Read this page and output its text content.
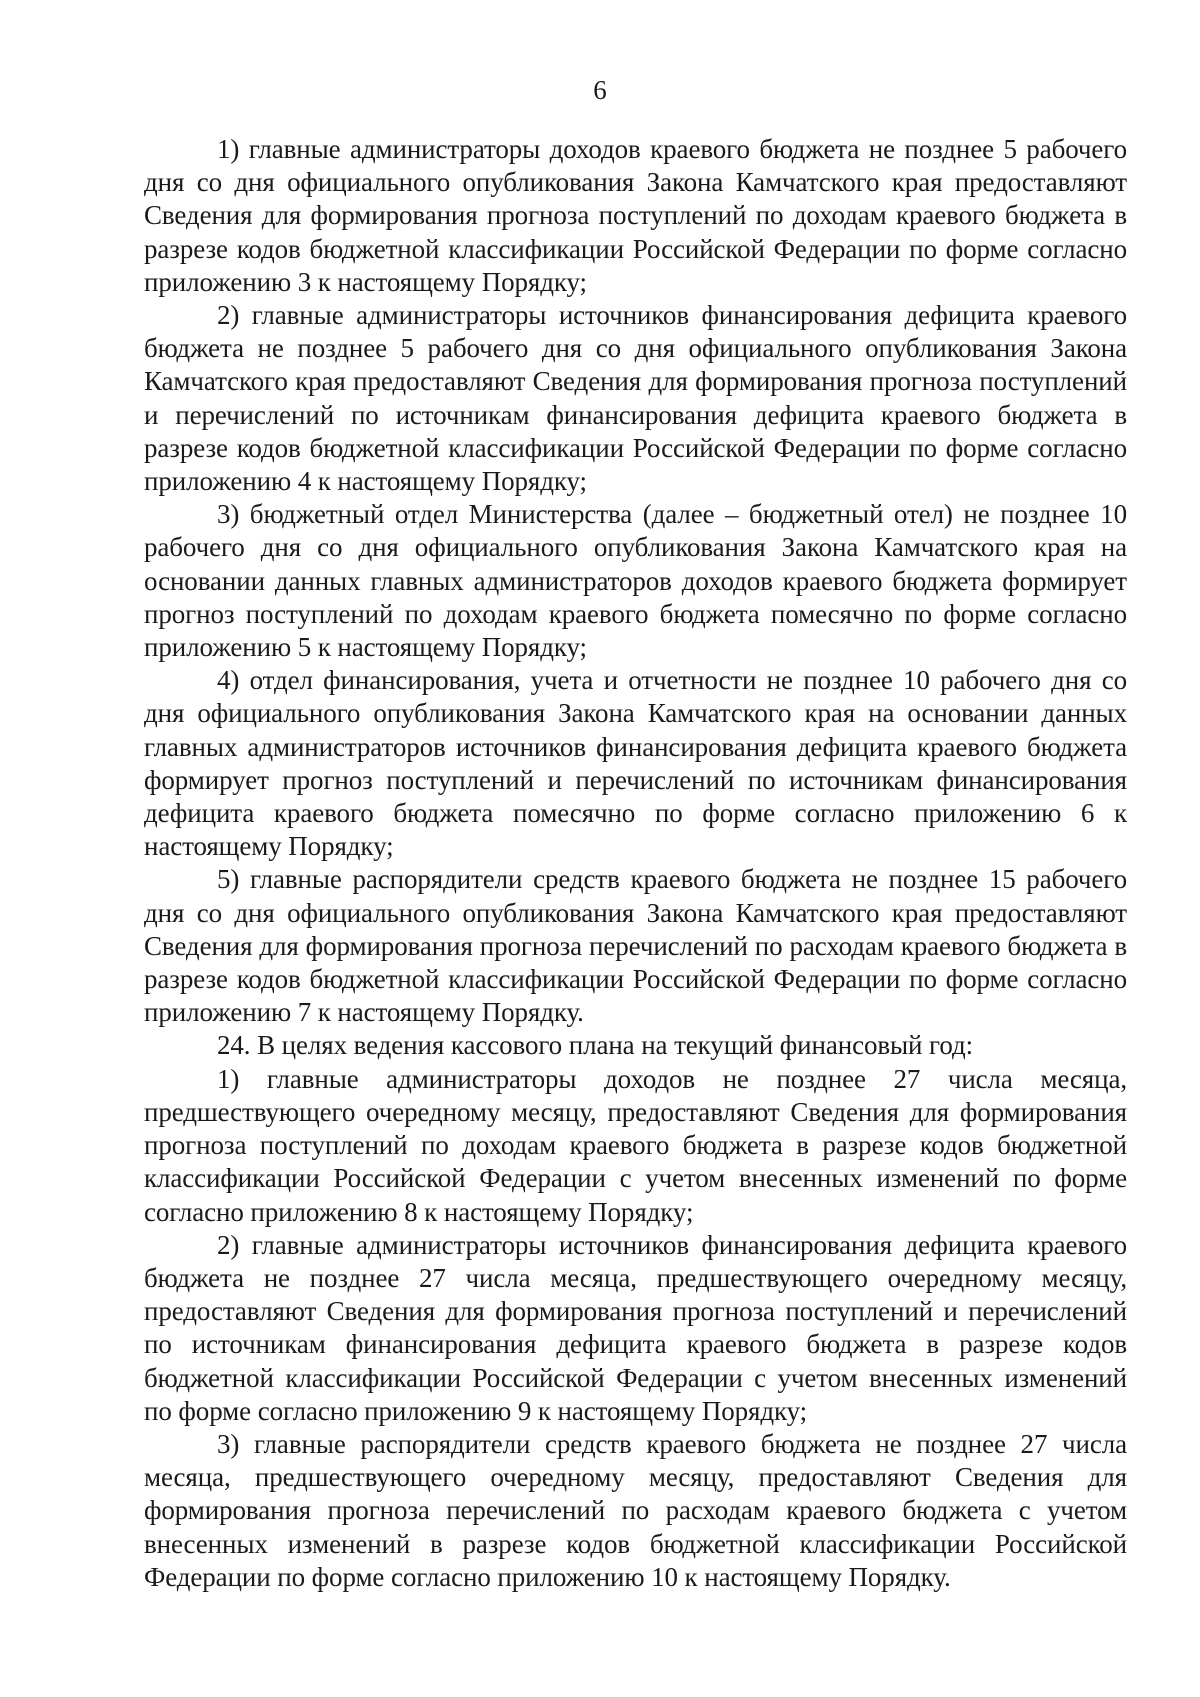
6

1) главные администраторы доходов краевого бюджета не позднее 5 рабочего дня со дня официального опубликования Закона Камчатского края предоставляют Сведения для формирования прогноза поступлений по доходам краевого бюджета в разрезе кодов бюджетной классификации Российской Федерации по форме согласно приложению 3 к настоящему Порядку;

2) главные администраторы источников финансирования дефицита краевого бюджета не позднее 5 рабочего дня со дня официального опубликования Закона Камчатского края предоставляют Сведения для формирования прогноза поступлений и перечислений по источникам финансирования дефицита краевого бюджета в разрезе кодов бюджетной классификации Российской Федерации по форме согласно приложению 4 к настоящему Порядку;

3) бюджетный отдел Министерства (далее – бюджетный отел) не позднее 10 рабочего дня со дня официального опубликования Закона Камчатского края на основании данных главных администраторов доходов краевого бюджета формирует прогноз поступлений по доходам краевого бюджета помесячно по форме согласно приложению 5 к настоящему Порядку;

4) отдел финансирования, учета и отчетности не позднее 10 рабочего дня со дня официального опубликования Закона Камчатского края на основании данных главных администраторов источников финансирования дефицита краевого бюджета формирует прогноз поступлений и перечислений по источникам финансирования дефицита краевого бюджета помесячно по форме согласно приложению 6 к настоящему Порядку;

5) главные распорядители средств краевого бюджета не позднее 15 рабочего дня со дня официального опубликования Закона Камчатского края предоставляют Сведения для формирования прогноза перечислений по расходам краевого бюджета в разрезе кодов бюджетной классификации Российской Федерации по форме согласно приложению 7 к настоящему Порядку.

24. В целях ведения кассового плана на текущий финансовый год:

1) главные администраторы доходов не позднее 27 числа месяца, предшествующего очередному месяцу, предоставляют Сведения для формирования прогноза поступлений по доходам краевого бюджета в разрезе кодов бюджетной классификации Российской Федерации с учетом внесенных изменений по форме согласно приложению 8 к настоящему Порядку;

2) главные администраторы источников финансирования дефицита краевого бюджета не позднее 27 числа месяца, предшествующего очередному месяцу, предоставляют Сведения для формирования прогноза поступлений и перечислений по источникам финансирования дефицита краевого бюджета в разрезе кодов бюджетной классификации Российской Федерации с учетом внесенных изменений по форме согласно приложению 9 к настоящему Порядку;

3) главные распорядители средств краевого бюджета не позднее 27 числа месяца, предшествующего очередному месяцу, предоставляют Сведения для формирования прогноза перечислений по расходам краевого бюджета с учетом внесенных изменений в разрезе кодов бюджетной классификации Российской Федерации по форме согласно приложению 10 к настоящему Порядку.
